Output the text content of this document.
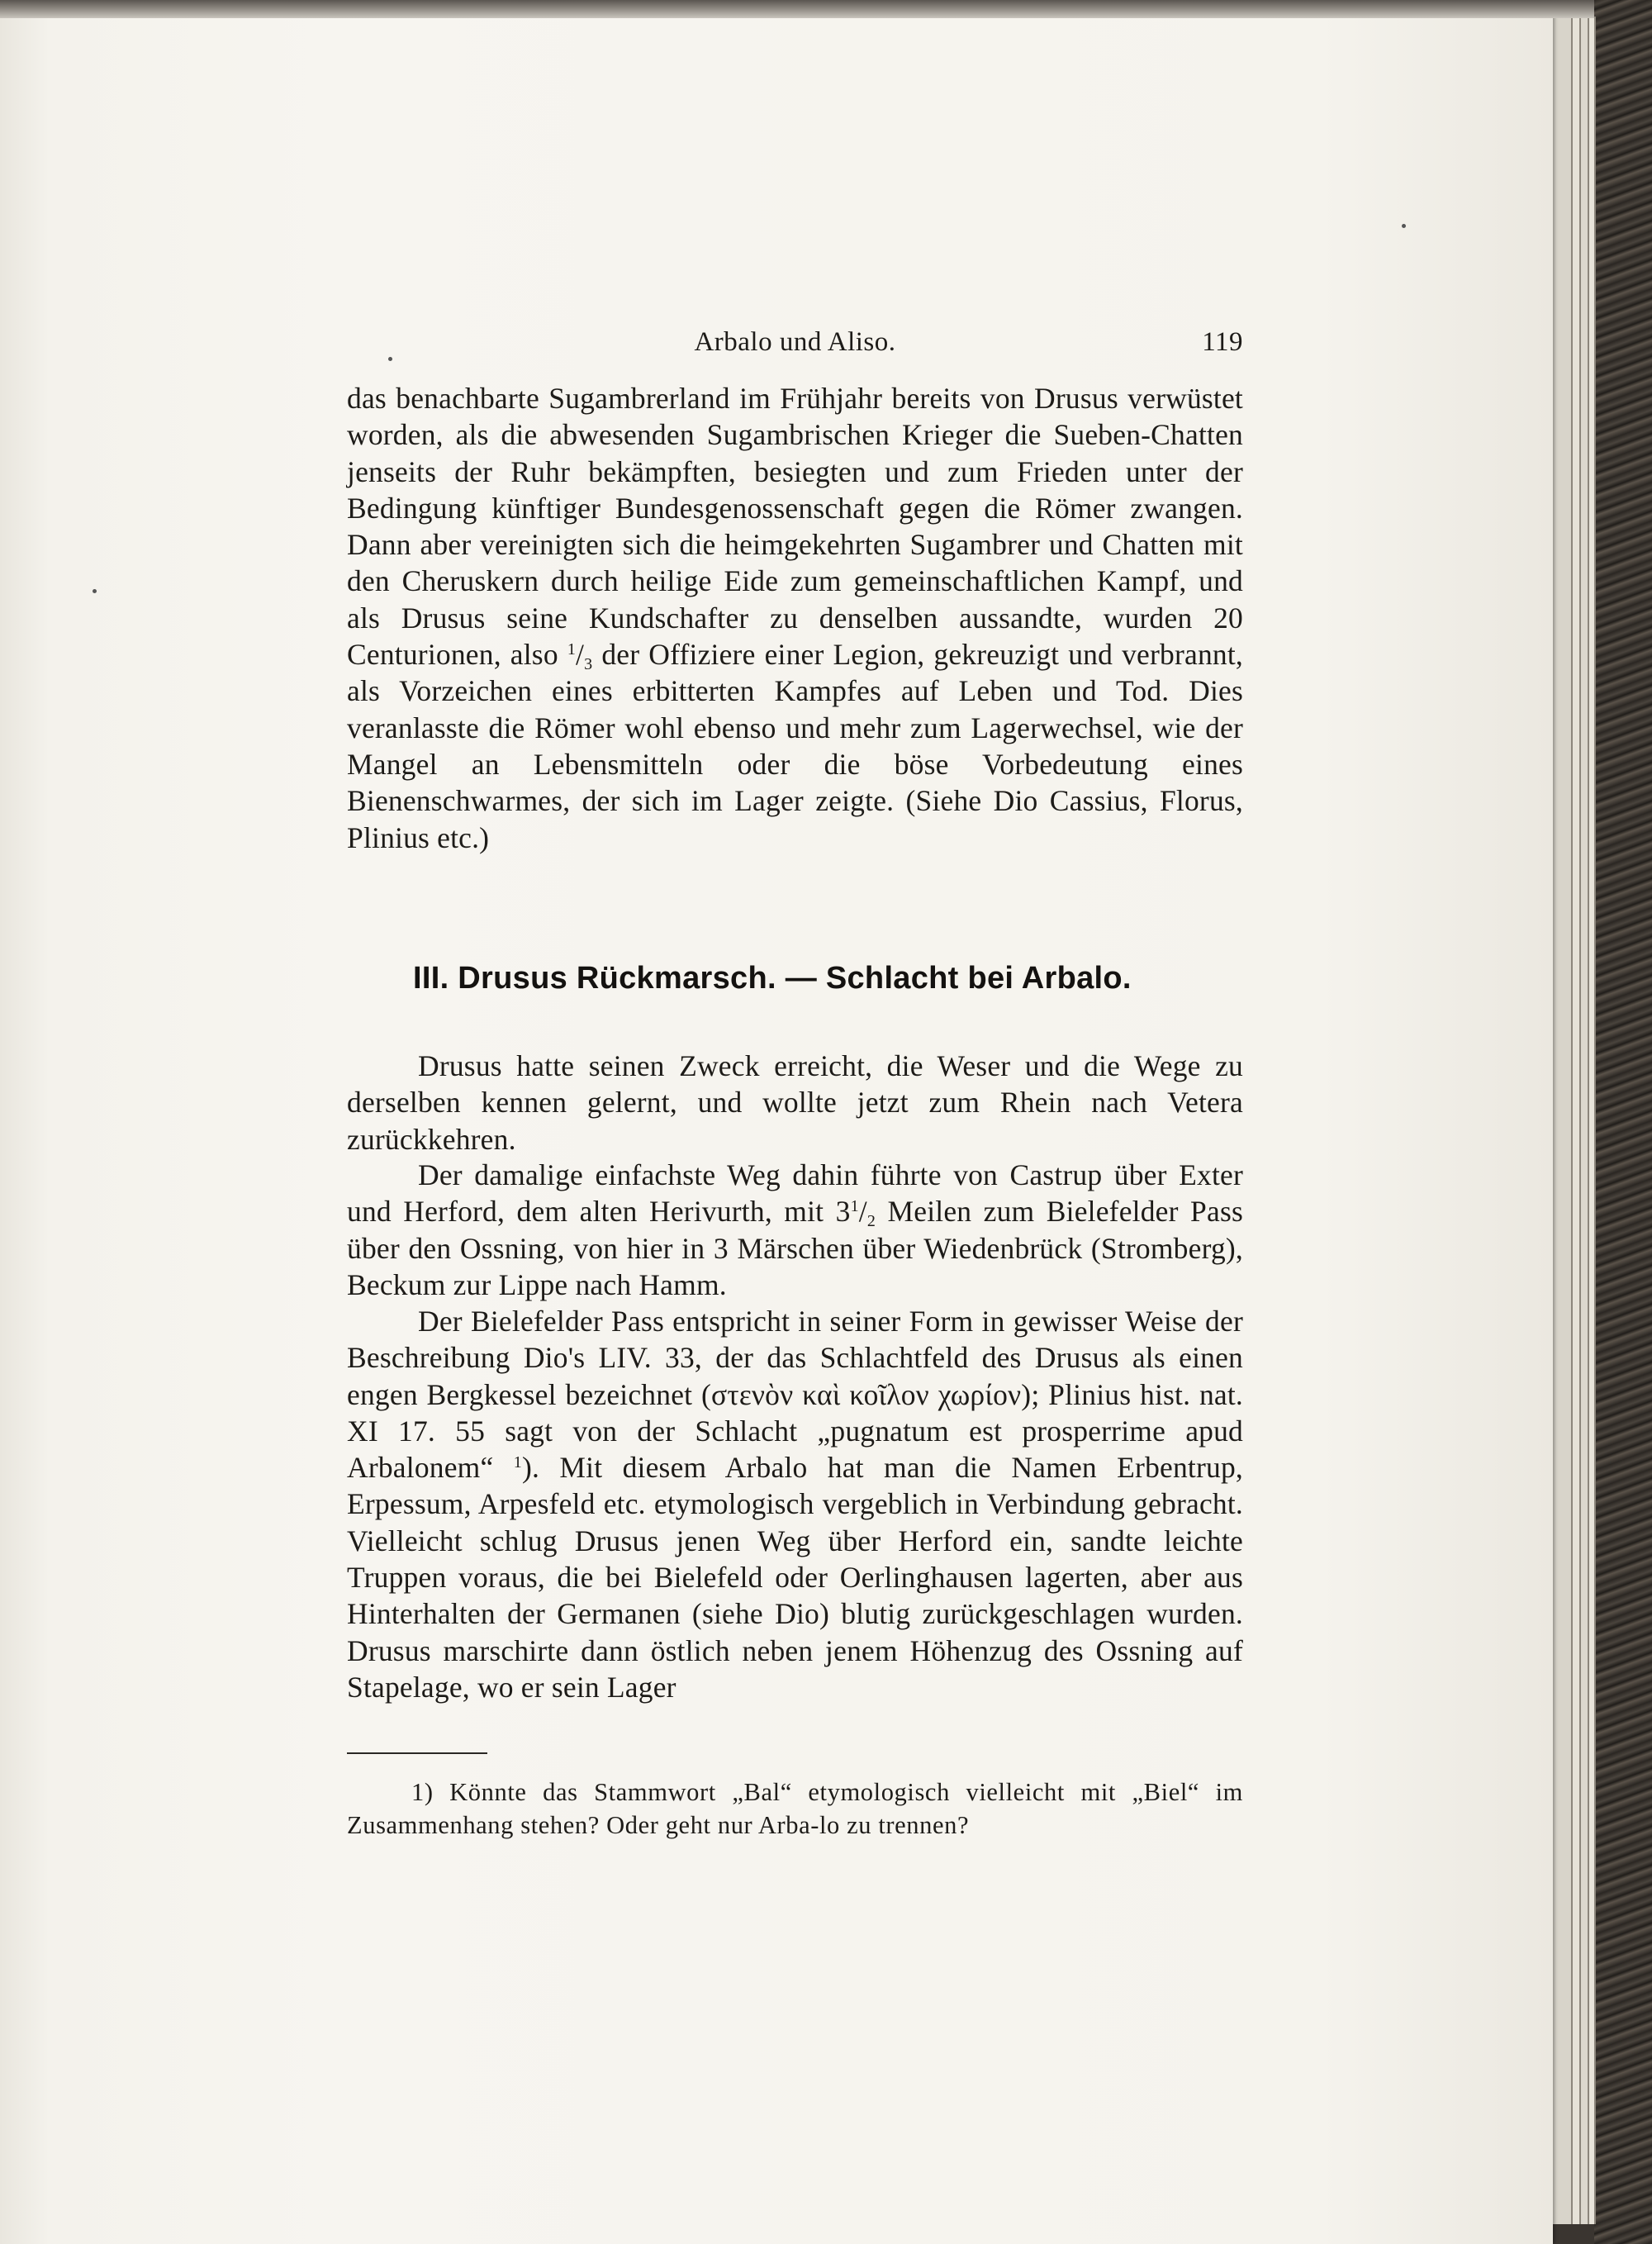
Arbalo und Aliso.	119

das benachbarte Sugambrerland im Frühjahr bereits von Drusus verwüstet worden, als die abwesenden Sugambrischen Krieger die Sueben-Chatten jenseits der Ruhr bekämpften, besiegten und zum Frieden unter der Bedingung künftiger Bundesgenossenschaft gegen die Römer zwangen. Dann aber vereinigten sich die heimgekehrten Sugambrer und Chatten mit den Cheruskern durch heilige Eide zum gemeinschaftlichen Kampf, und als Drusus seine Kundschafter zu denselben aussandte, wurden 20 Centurionen, also $^1/_3$ der Offiziere einer Legion, gekreuzigt und verbrannt, als Vorzeichen eines erbitterten Kampfes auf Leben und Tod. Dies veranlasste die Römer wohl ebenso und mehr zum Lagerwechsel, wie der Mangel an Lebensmitteln oder die böse Vorbedeutung eines Bienenschwarmes, der sich im Lager zeigte. (Siehe Dio Cassius, Florus, Plinius etc.)

III. Drusus Rückmarsch. — Schlacht bei Arbalo.

Drusus hatte seinen Zweck erreicht, die Weser und die Wege zu derselben kennen gelernt, und wollte jetzt zum Rhein nach Vetera zurückkehren.

Der damalige einfachste Weg dahin führte von Castrup über Exter und Herford, dem alten Herivurth, mit $3^1/_2$ Meilen zum Bielefelder Pass über den Ossning, von hier in 3 Märschen über Wiedenbrück (Stromberg), Beckum zur Lippe nach Hamm.

Der Bielefelder Pass entspricht in seiner Form in gewisser Weise der Beschreibung Dio's LIV. 33, der das Schlachtfeld des Drusus als einen engen Bergkessel bezeichnet (στενὸν καὶ κοῖλον χωρίον); Plinius hist. nat. XI 17. 55 sagt von der Schlacht „pugnatum est prosperrime apud Arbalonem“ $^1$). Mit diesem Arbalo hat man die Namen Erbentrup, Erpessum, Arpesfeld etc. etymologisch vergeblich in Verbindung gebracht. Vielleicht schlug Drusus jenen Weg über Herford ein, sandte leichte Truppen voraus, die bei Bielefeld oder Oerlinghausen lagerten, aber aus Hinterhalten der Germanen (siehe Dio) blutig zurückgeschlagen wurden. Drusus marschirte dann östlich neben jenem Höhenzug des Ossning auf Stapelage, wo er sein Lager

1) Könnte das Stammwort „Bal“ etymologisch vielleicht mit „Biel“ im Zusammenhang stehen? Oder geht nur Arba-lo zu trennen?
